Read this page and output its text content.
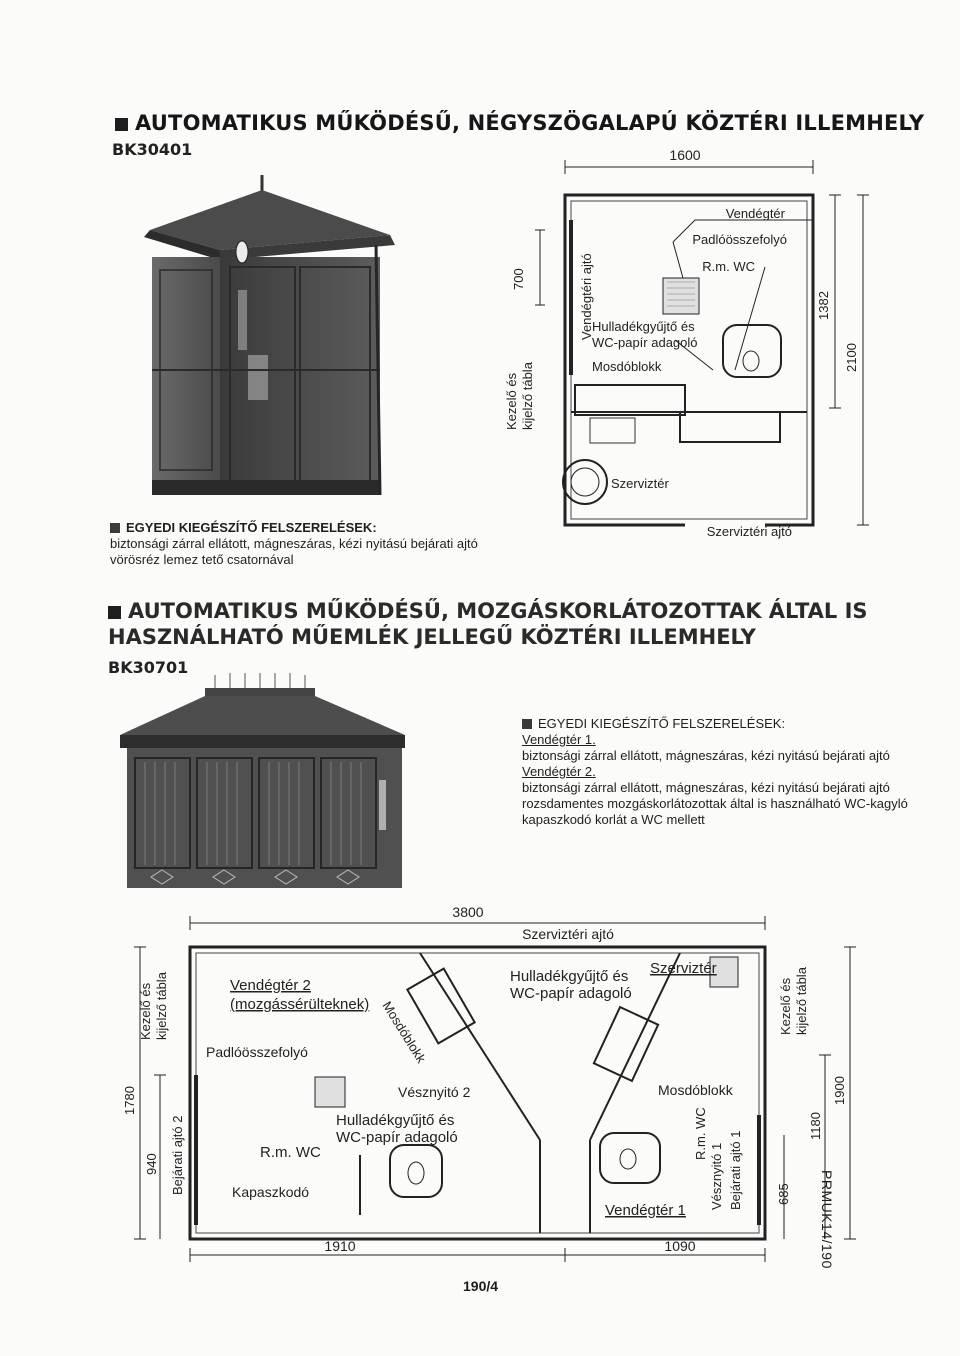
AUTOMATIKUS MŰKÖDÉSŰ, NÉGYSZÖGALAPÚ KÖZTÉRI ILLEMHELY
BK30401	1600
Vendégtér
Padlóösszefolyó
R.m. WC
Hulladékgyűjtő és
WC-papír adagoló
Mosdóblokk
Szerviztér
Szerviztéri ajtó
Vendégtéri ajtó
700
Kezelő és kijelző tábla
1382
2100
EGYEDI KIEGÉSZÍTŐ FELSZERELÉSEK:
biztonsági zárral ellátott, mágneszáras, kézi nyitású bejárati ajtó
vörösréz lemez tető csatornával
AUTOMATIKUS MŰKÖDÉSŰ, MOZGÁSKORLÁTOZOTTAK ÁLTAL IS
HASZNÁLHATÓ MŰEMLÉK JELLEGŰ KÖZTÉRI ILLEMHELY
BK30701
EGYEDI KIEGÉSZÍTŐ FELSZERELÉSEK:
Vendégtér 1.
biztonsági zárral ellátott, mágneszáras, kézi nyitású bejárati ajtó
Vendégtér 2.
biztonsági zárral ellátott, mágneszáras, kézi nyitású bejárati ajtó
rozsdamentes mozgáskorlátozottak által is használható WC-kagyló
kapaszkodó korlát a WC mellett
3800
Szerviztéri ajtó
Vendégtér 2
(mozgássérülteknek)
Padlóösszefolyó	Mosdóblokk
Vésznyitó 2
Hulladékgyűjtő és
WC-papír adagoló
R.m. WC
Kapaszkodó
Hulladékgyűjtő és
WC-papír adagoló
Szerviztér
Mosdóblokk
Vendégtér 1
R.m. WC
Vésznyitó 1 Bejárati ajtó 1
Bejárati ajtó 2
Kezelő és kijelző tábla	Kezelő és kijelző tábla
1780
940
1900
1180
685
1910	1090	PRMUK14/190
190/4
